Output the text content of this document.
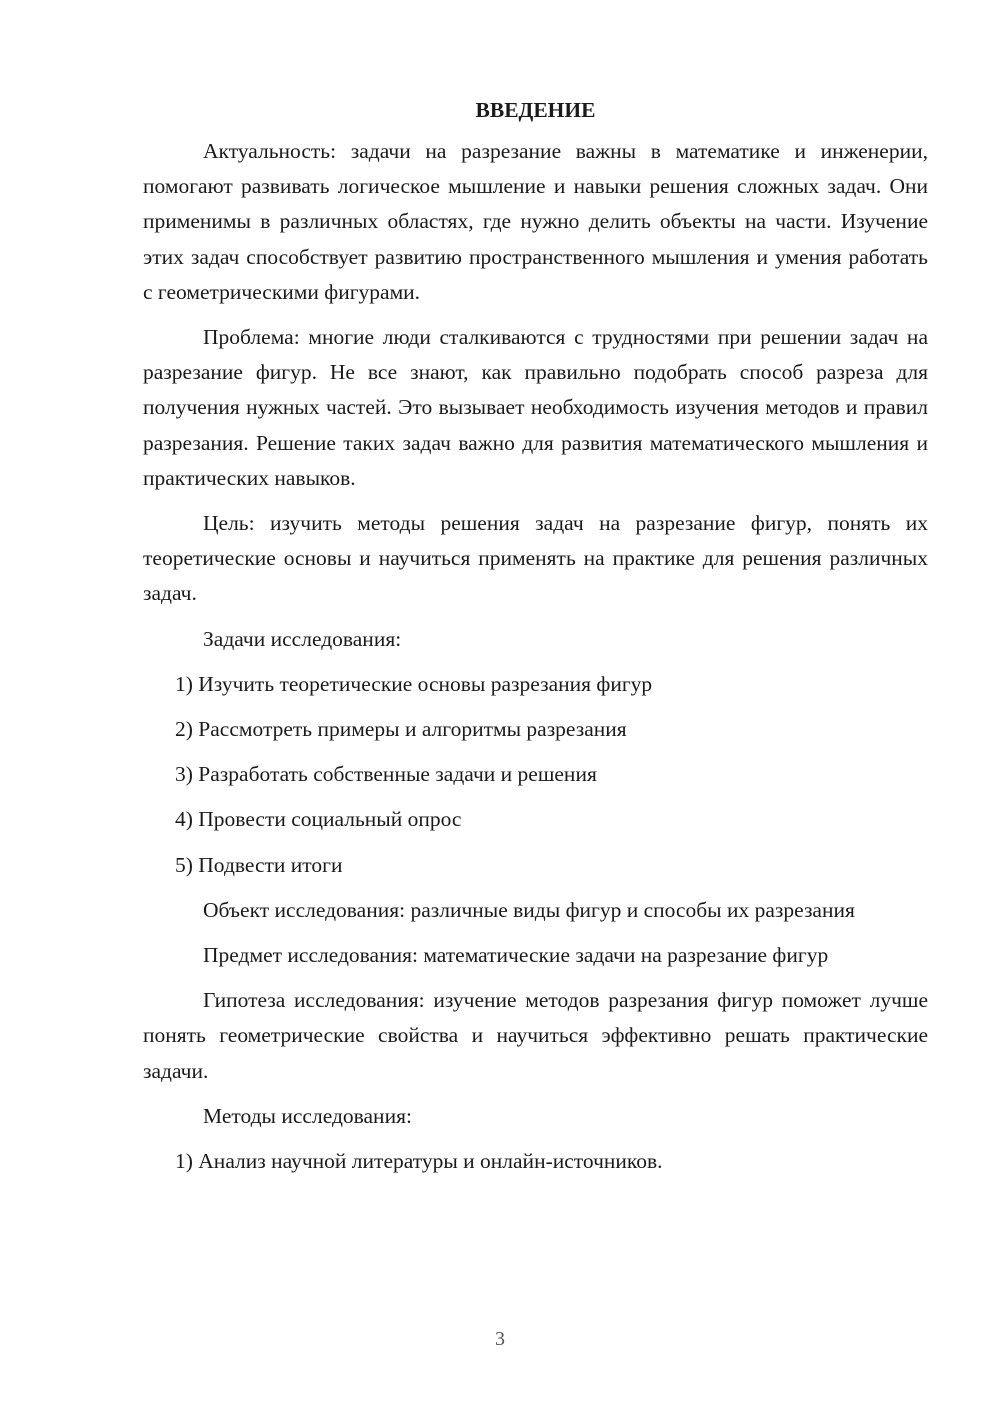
ВВЕДЕНИЕ

Актуальность: задачи на разрезание важны в математике и инженерии, помогают развивать логическое мышление и навыки решения сложных задач. Они применимы в различных областях, где нужно делить объекты на части. Изучение этих задач способствует развитию пространственного мышления и умения работать с геометрическими фигурами.

Проблема: многие люди сталкиваются с трудностями при решении задач на разрезание фигур. Не все знают, как правильно подобрать способ разреза для получения нужных частей. Это вызывает необходимость изучения методов и правил разрезания. Решение таких задач важно для развития математического мышления и практических навыков.

Цель: изучить методы решения задач на разрезание фигур, понять их теоретические основы и научиться применять на практике для решения различных задач.

Задачи исследования:

1) Изучить теоретические основы разрезания фигур
2) Рассмотреть примеры и алгоритмы разрезания
3) Разработать собственные задачи и решения
4) Провести социальный опрос
5) Подвести итоги

Объект исследования: различные виды фигур и способы их разрезания

Предмет исследования: математические задачи на разрезание фигур

Гипотеза исследования: изучение методов разрезания фигур поможет лучше понять геометрические свойства и научиться эффективно решать практические задачи.

Методы исследования:

1) Анализ научной литературы и онлайн-источников.
3
